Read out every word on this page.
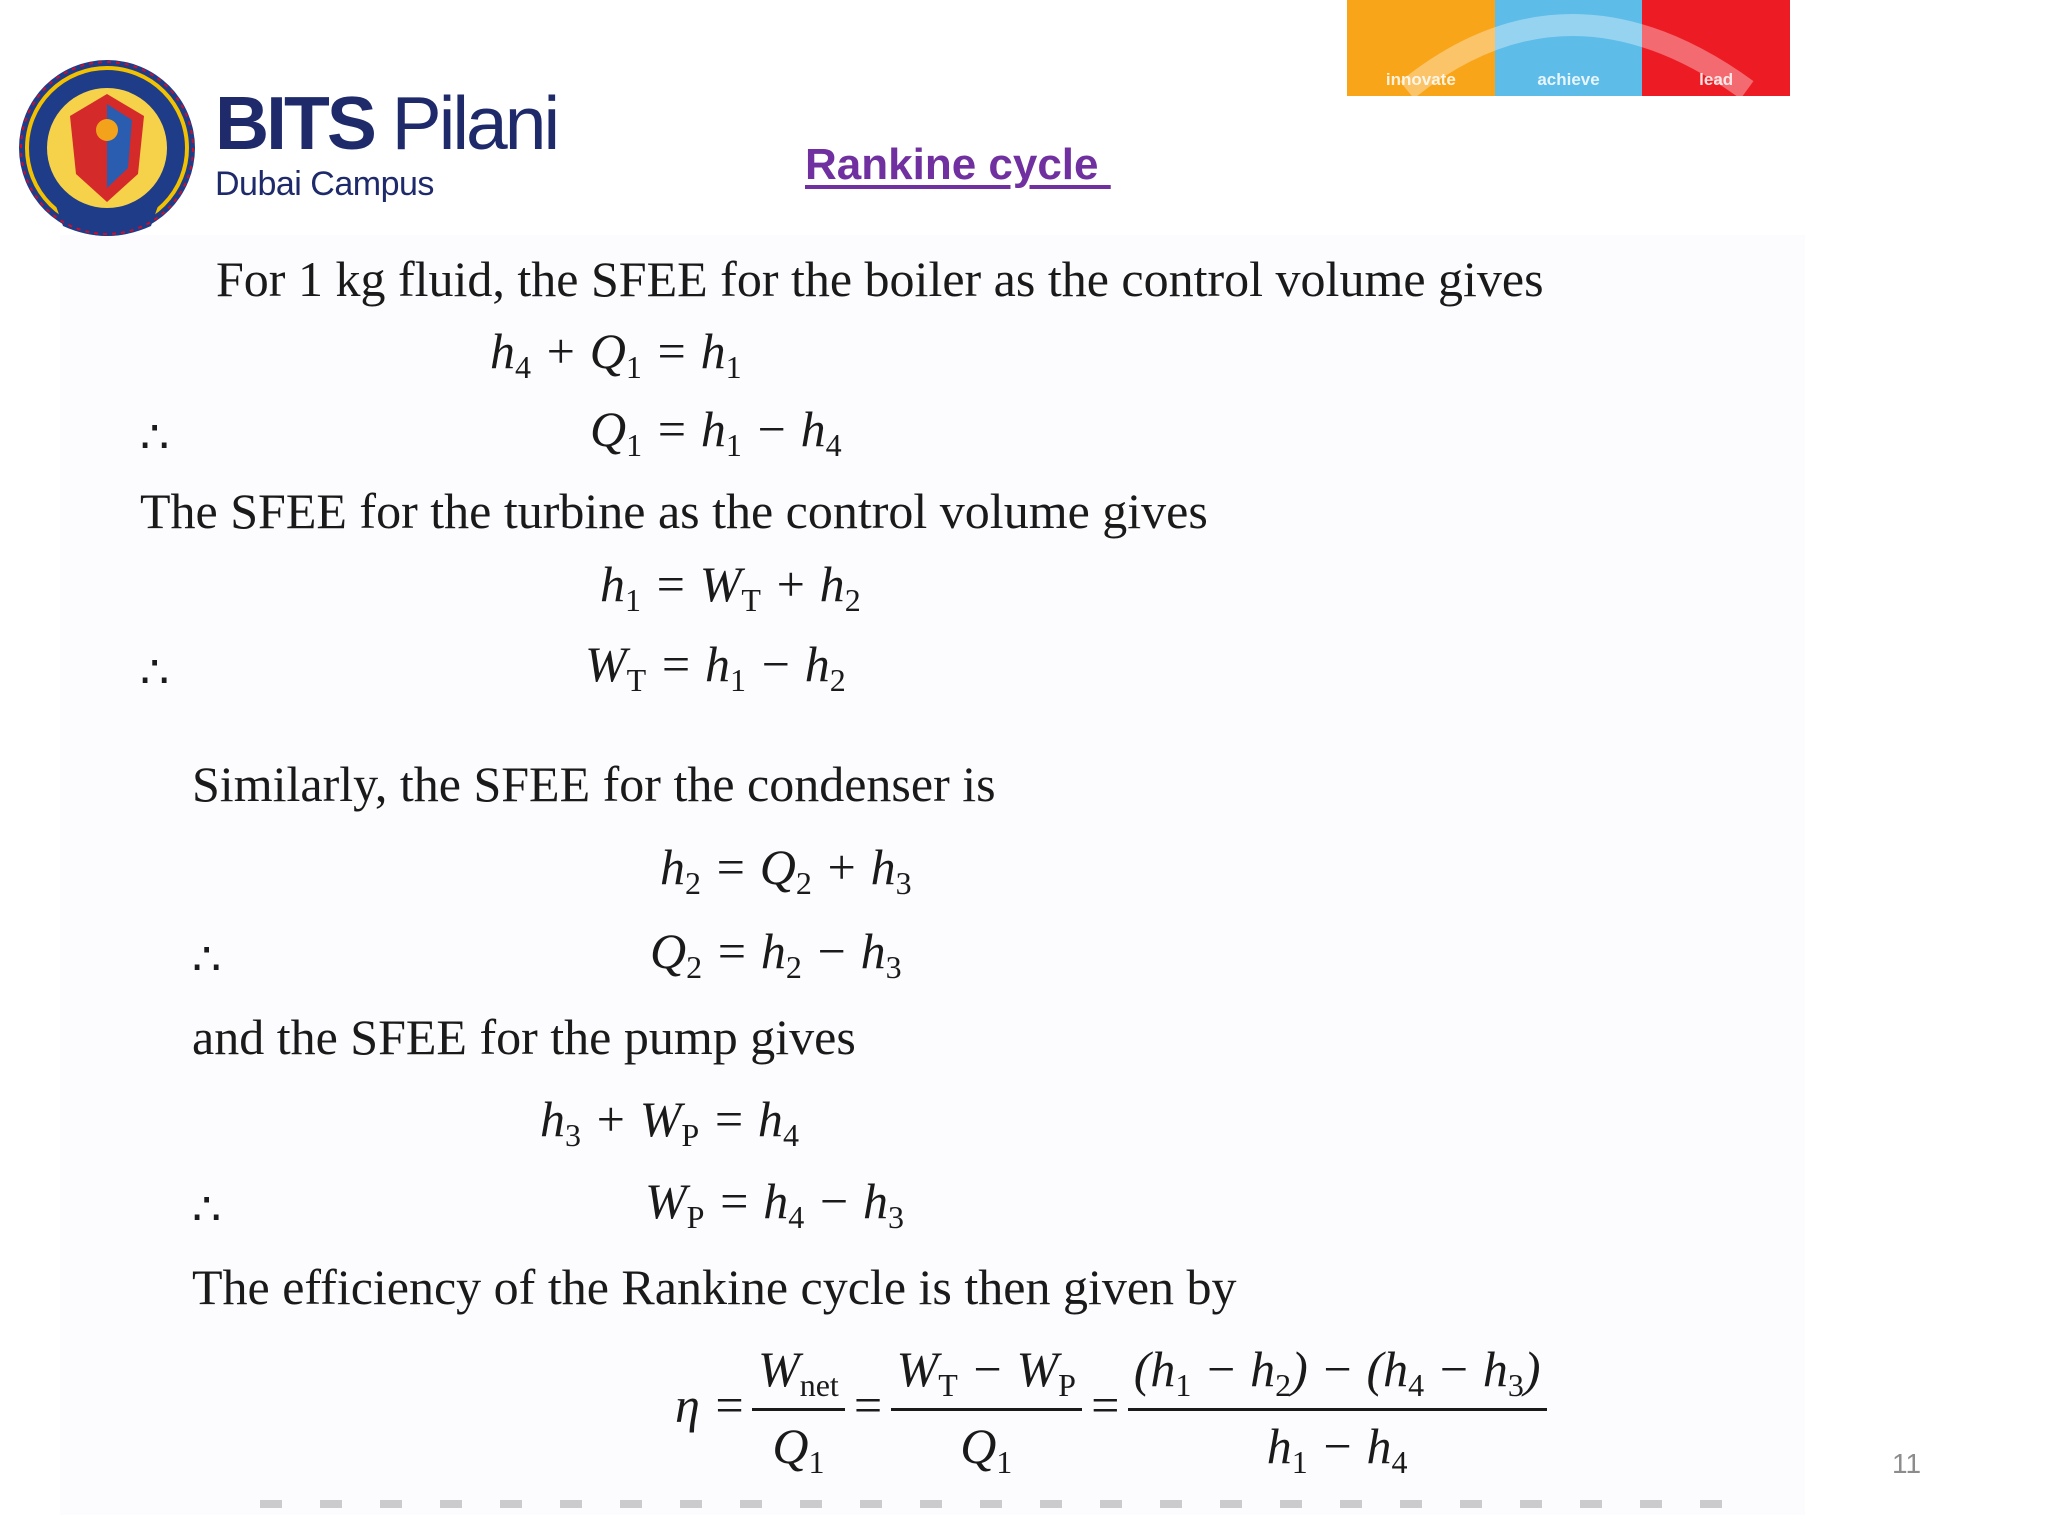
BITS Pilani
Dubai Campus
innovate	achieve	lead
Rankine cycle
For 1 kg fluid, the SFEE for the boiler as the control volume gives
$h_4 + Q_1 = h_1$
∴	$Q_1 = h_1 - h_4$
The SFEE for the turbine as the control volume gives
$h_1 = W_T + h_2$
∴	$W_T = h_1 - h_2$
Similarly, the SFEE for the condenser is
$h_2 = Q_2 + h_3$
∴	$Q_2 = h_2 - h_3$
and the SFEE for the pump gives
$h_3 + W_P = h_4$
∴	$W_P = h_4 - h_3$
The efficiency of the Rankine cycle is then given by
$\eta = \frac{W_{net}}{Q_1} = \frac{W_T - W_P}{Q_1} = \frac{(h_1 - h_2) - (h_4 - h_3)}{h_1 - h_4}$	11
